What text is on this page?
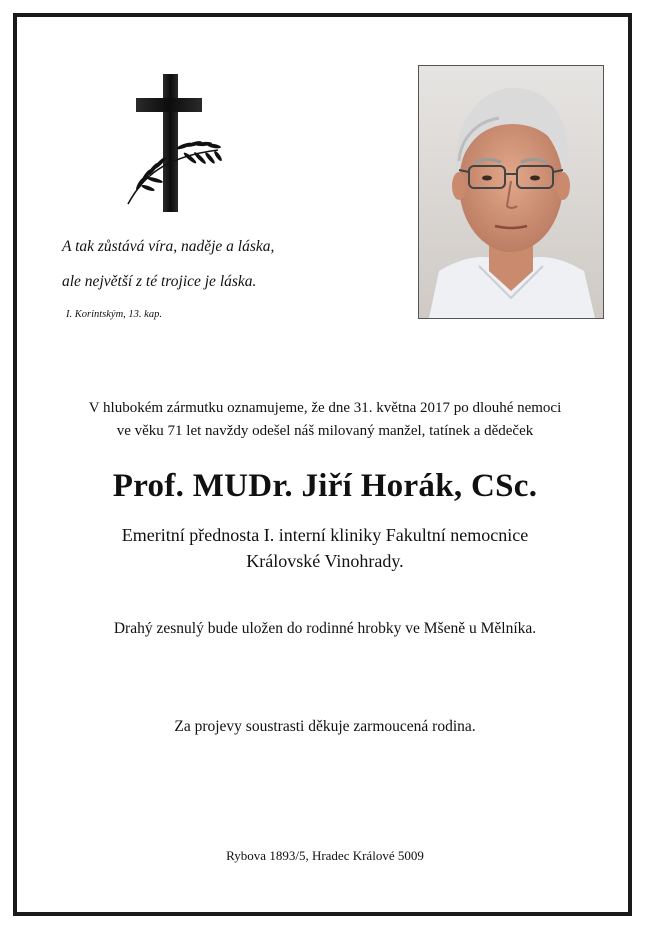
A tak zůstává víra, naděje a láska,
ale největší z té trojice je láska.
I. Korintským, 13. kap.
V hlubokém zármutku oznamujeme, že dne 31. května 2017 po dlouhé nemoci
ve věku 71 let navždy odešel náš milovaný manžel, tatínek a dědeček
Prof. MUDr. Jiří Horák, CSc.
Emeritní přednosta I. interní kliniky Fakultní nemocnice
Královské Vinohrady.
Drahý zesnulý bude uložen do rodinné hrobky ve Mšeně u Mělníka.
Za projevy soustrasti děkuje zarmoucená rodina.
Rybova 1893/5, Hradec Králové 5009
